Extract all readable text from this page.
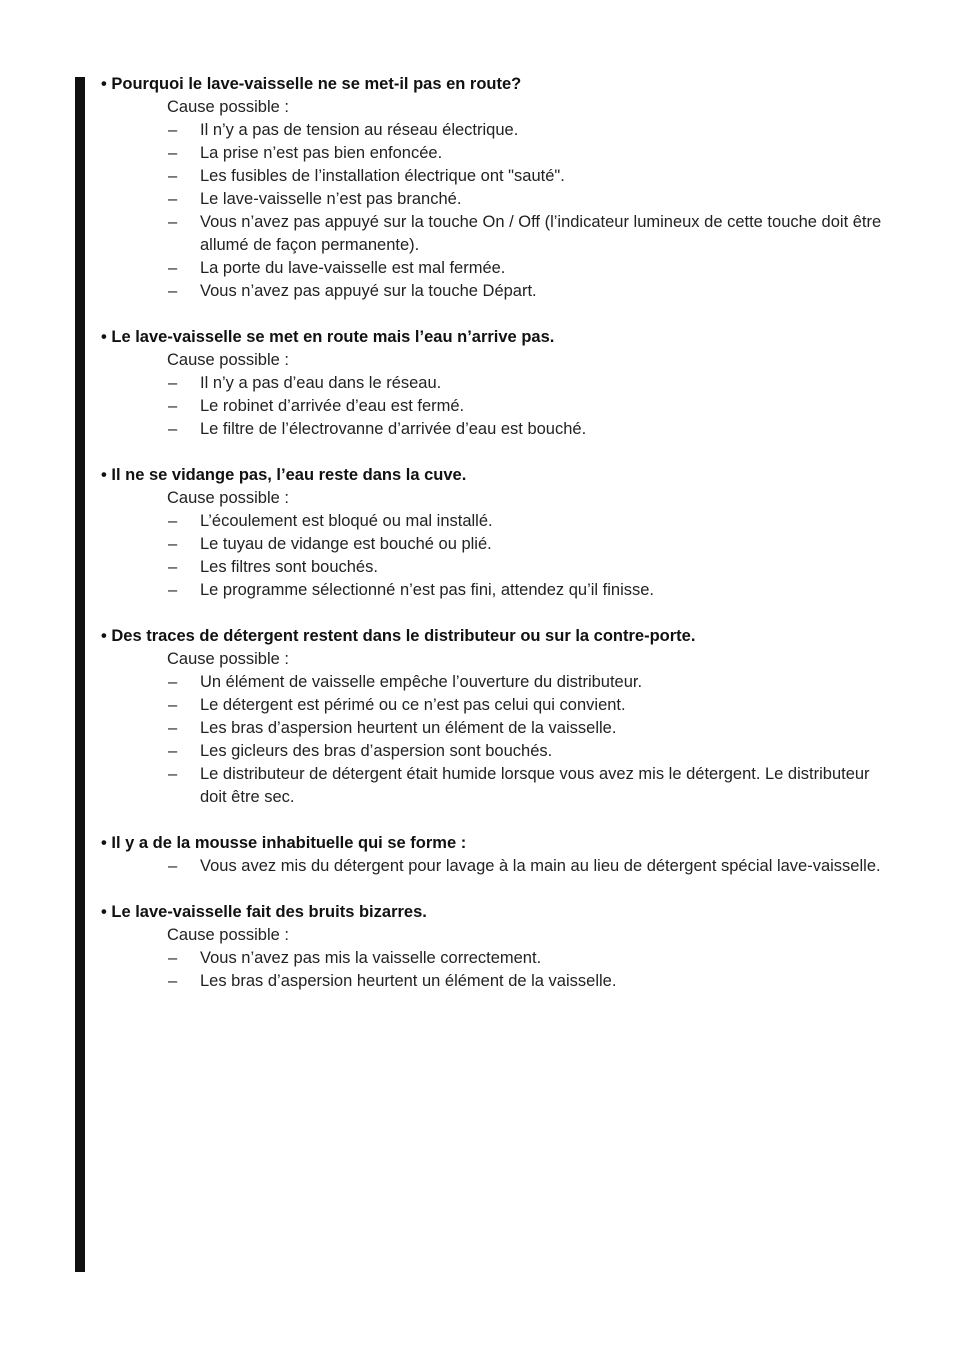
• Pourquoi le lave-vaisselle ne se met-il pas en route?
Cause possible :
– Il n’y a pas de tension au réseau électrique.
– La prise n’est pas bien enfoncée.
– Les fusibles de l’installation électrique ont "sauté".
– Le lave-vaisselle n’est pas branché.
– Vous n’avez pas appuyé sur la touche On / Off (l’indicateur lumineux de cette touche doit être allumé de façon permanente).
– La porte du lave-vaisselle est mal fermée.
– Vous n’avez pas appuyé sur la touche Départ.
• Le lave-vaisselle se met en route mais l’eau n’arrive pas.
Cause possible :
– Il n’y a pas d’eau dans le réseau.
– Le robinet d’arrivée d’eau est fermé.
– Le filtre de l’électrovanne d’arrivée d’eau est bouché.
• Il ne se vidange pas, l’eau reste dans la cuve.
Cause possible :
– L’écoulement est bloqué ou mal installé.
– Le tuyau de vidange est bouché ou plié.
– Les filtres sont bouchés.
– Le programme sélectionné n’est pas fini, attendez qu’il finisse.
• Des traces de détergent restent dans le distributeur ou sur la contre-porte.
Cause possible :
– Un élément de vaisselle empêche l’ouverture du distributeur.
– Le détergent est périmé ou ce n’est pas celui qui convient.
– Les bras d’aspersion heurtent un élément de la vaisselle.
– Les gicleurs des bras d’aspersion sont bouchés.
– Le distributeur de détergent était humide lorsque vous avez mis le détergent. Le distributeur doit être sec.
• Il y a de la mousse inhabituelle qui se forme :
– Vous avez mis du détergent pour lavage à la main au lieu de détergent spécial lave-vaisselle.
• Le lave-vaisselle fait des bruits bizarres.
Cause possible :
– Vous n’avez pas mis la vaisselle correctement.
– Les bras d’aspersion heurtent un élément de la vaisselle.
